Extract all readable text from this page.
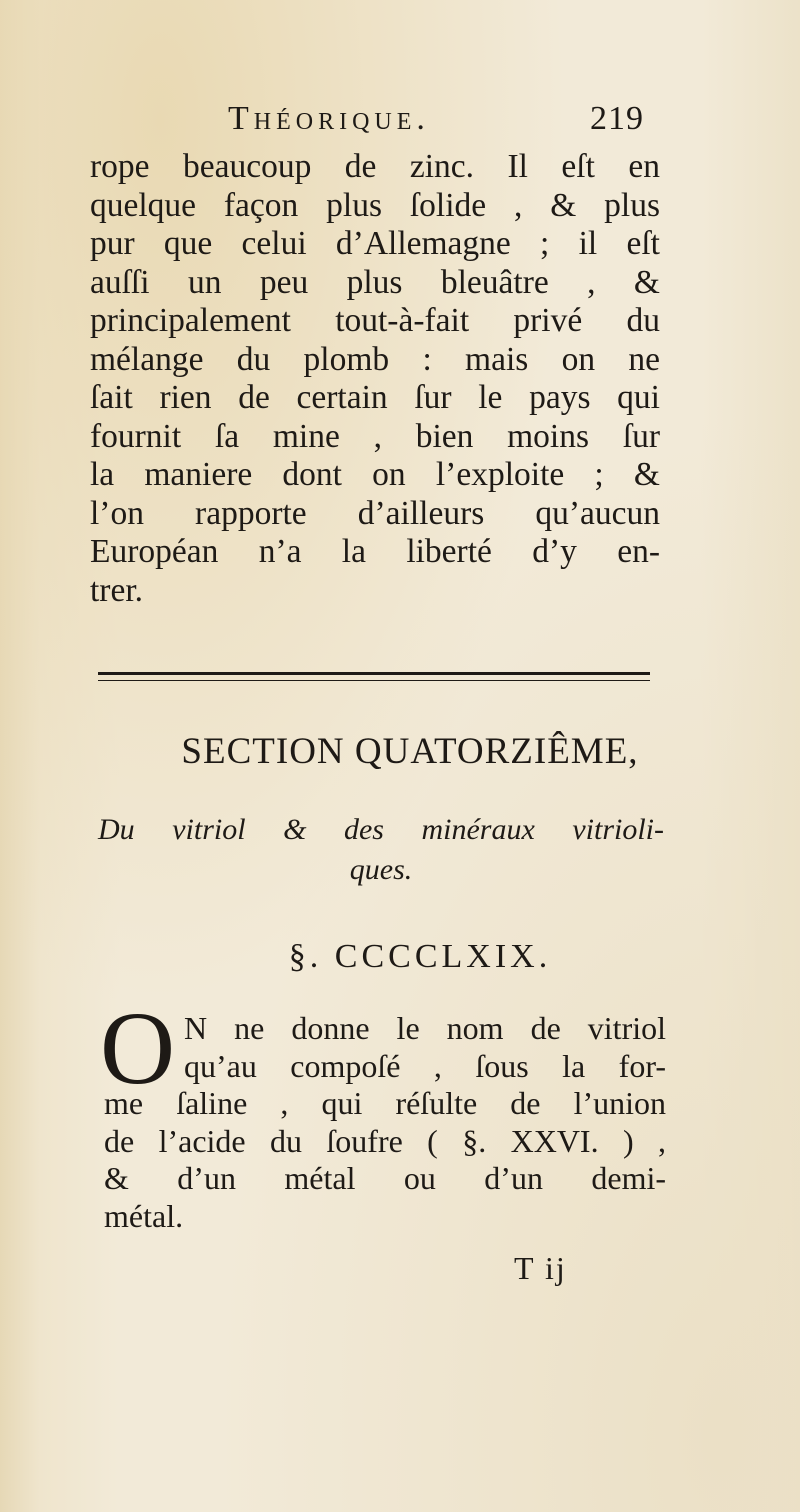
Théorique.	219
rope beaucoup de zinc. Il eſt en
quelque façon plus ſolide , & plus
pur que celui d’Allemagne ; il eſt
auſſi un peu plus bleuâtre , &
principalement tout-à-fait privé du
mélange du plomb : mais on ne
ſait rien de certain ſur le pays qui
fournit ſa mine , bien moins ſur
la maniere dont on l’exploite ; &
l’on rapporte d’ailleurs qu’aucun
Européan n’a la liberté d’y en-
trer.
SECTION QUATORZIÊME,
Du vitriol & des minéraux vitrioli-
ques.
§. CCCCLXIX.
O N ne donne le nom de vitriol
qu’au compoſé , ſous la for-
me ſaline , qui réſulte de l’union
de l’acide du ſoufre ( §. XXVI. ) ,
& d’un métal ou d’un demi-
métal.
T ij
